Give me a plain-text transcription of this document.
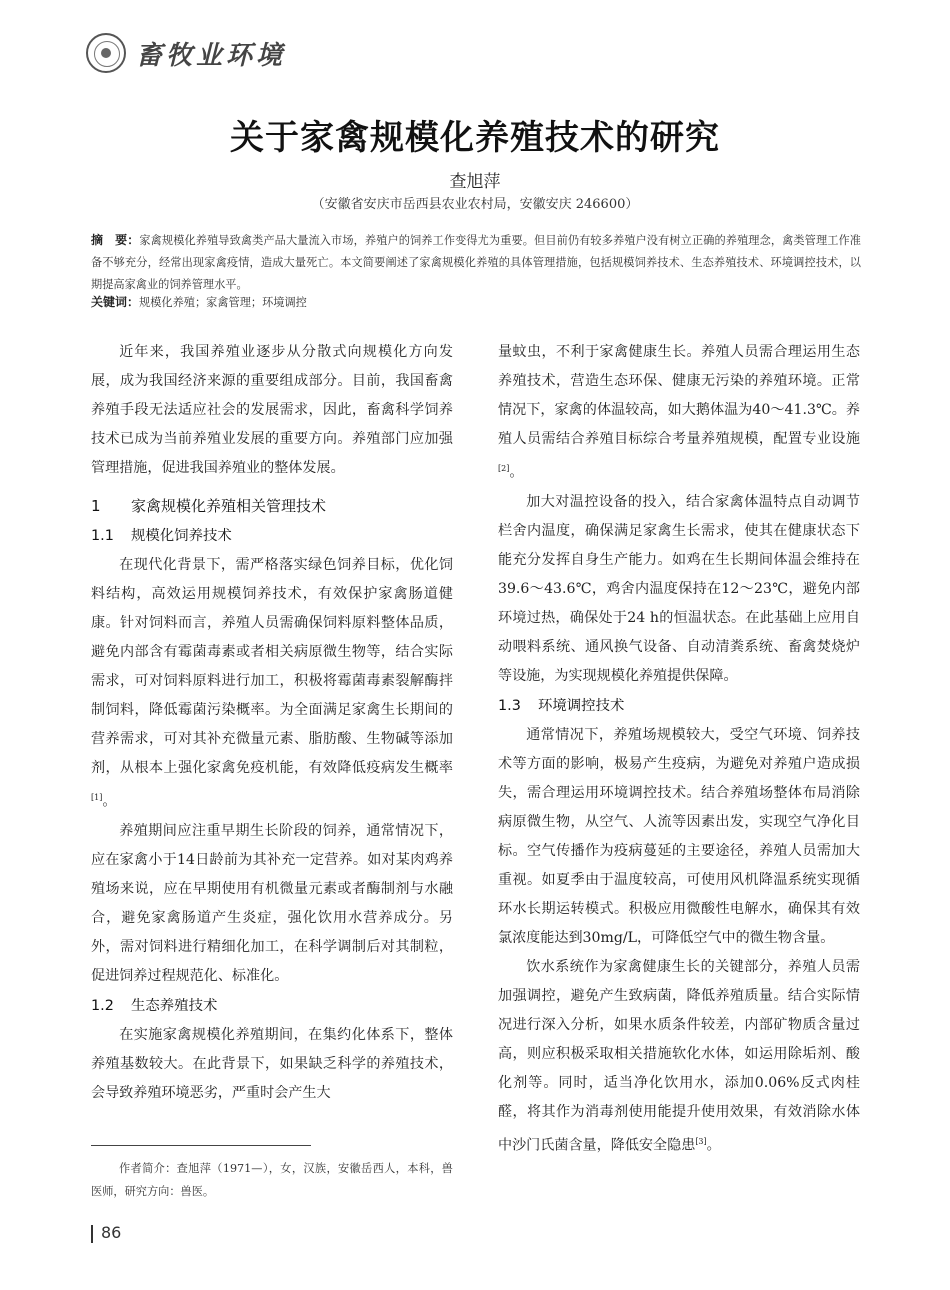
畜牧业环境
关于家禽规模化养殖技术的研究
查旭萍
（安徽省安庆市岳西县农业农村局，安徽安庆 246600）
摘　要：家禽规模化养殖导致禽类产品大量流入市场，养殖户的饲养工作变得尤为重要。但目前仍有较多养殖户没有树立正确的养殖理念，禽类管理工作准备不够充分，经常出现家禽疫情，造成大量死亡。本文简要阐述了家禽规模化养殖的具体管理措施，包括规模饲养技术、生态养殖技术、环境调控技术，以期提高家禽业的饲养管理水平。
关键词：规模化养殖；家禽管理；环境调控

近年来，我国养殖业逐步从分散式向规模化方向发展，成为我国经济来源的重要组成部分。目前，我国畜禽养殖手段无法适应社会的发展需求，因此，畜禽科学饲养技术已成为当前养殖业发展的重要方向。养殖部门应加强管理措施，促进我国养殖业的整体发展。

1 家禽规模化养殖相关管理技术
1.1 规模化饲养技术

在现代化背景下，需严格落实绿色饲养目标，优化饲料结构，高效运用规模饲养技术，有效保护家禽肠道健康。针对饲料而言，养殖人员需确保饲料原料整体品质，避免内部含有霉菌毒素或者相关病原微生物等，结合实际需求，可对饲料原料进行加工，积极将霉菌毒素裂解酶拌制饲料，降低霉菌污染概率。为全面满足家禽生长期间的营养需求，可对其补充微量元素、脂肪酸、生物碱等添加剂，从根本上强化家禽免疫机能，有效降低疫病发生概率[1]。

养殖期间应注重早期生长阶段的饲养，通常情况下，应在家禽小于14日龄前为其补充一定营养。如对某肉鸡养殖场来说，应在早期使用有机微量元素或者酶制剂与水融合，避免家禽肠道产生炎症，强化饮用水营养成分。另外，需对饲料进行精细化加工，在科学调制后对其制粒，促进饲养过程规范化、标准化。

1.2 生态养殖技术

在实施家禽规模化养殖期间，在集约化体系下，整体养殖基数较大。在此背景下，如果缺乏科学的养殖技术，会导致养殖环境恶劣，严重时会产生大

量蚊虫，不利于家禽健康生长。养殖人员需合理运用生态养殖技术，营造生态环保、健康无污染的养殖环境。正常情况下，家禽的体温较高，如大鹅体温为40～41.3℃。养殖人员需结合养殖目标综合考量养殖规模，配置专业设施[2]。

加大对温控设备的投入，结合家禽体温特点自动调节栏舍内温度，确保满足家禽生长需求，使其在健康状态下能充分发挥自身生产能力。如鸡在生长期间体温会维持在39.6～43.6℃，鸡舍内温度保持在12～23℃，避免内部环境过热，确保处于24 h的恒温状态。在此基础上应用自动喂料系统、通风换气设备、自动清粪系统、畜禽焚烧炉等设施，为实现规模化养殖提供保障。

1.3 环境调控技术

通常情况下，养殖场规模较大，受空气环境、饲养技术等方面的影响，极易产生疫病，为避免对养殖户造成损失，需合理运用环境调控技术。结合养殖场整体布局消除病原微生物，从空气、人流等因素出发，实现空气净化目标。空气传播作为疫病蔓延的主要途径，养殖人员需加大重视。如夏季由于温度较高，可使用风机降温系统实现循环水长期运转模式。积极应用微酸性电解水，确保其有效氯浓度能达到30mg/L，可降低空气中的微生物含量。

饮水系统作为家禽健康生长的关键部分，养殖人员需加强调控，避免产生致病菌，降低养殖质量。结合实际情况进行深入分析，如果水质条件较差，内部矿物质含量过高，则应积极采取相关措施软化水体，如运用除垢剂、酸化剂等。同时，适当净化饮用水，添加0.06%反式肉桂醛，将其作为消毒剂使用能提升使用效果，有效消除水体中沙门氏菌含量，降低安全隐患[3]。

作者简介：查旭萍（1971—），女，汉族，安徽岳西人，本科，兽医师，研究方向：兽医。
86
